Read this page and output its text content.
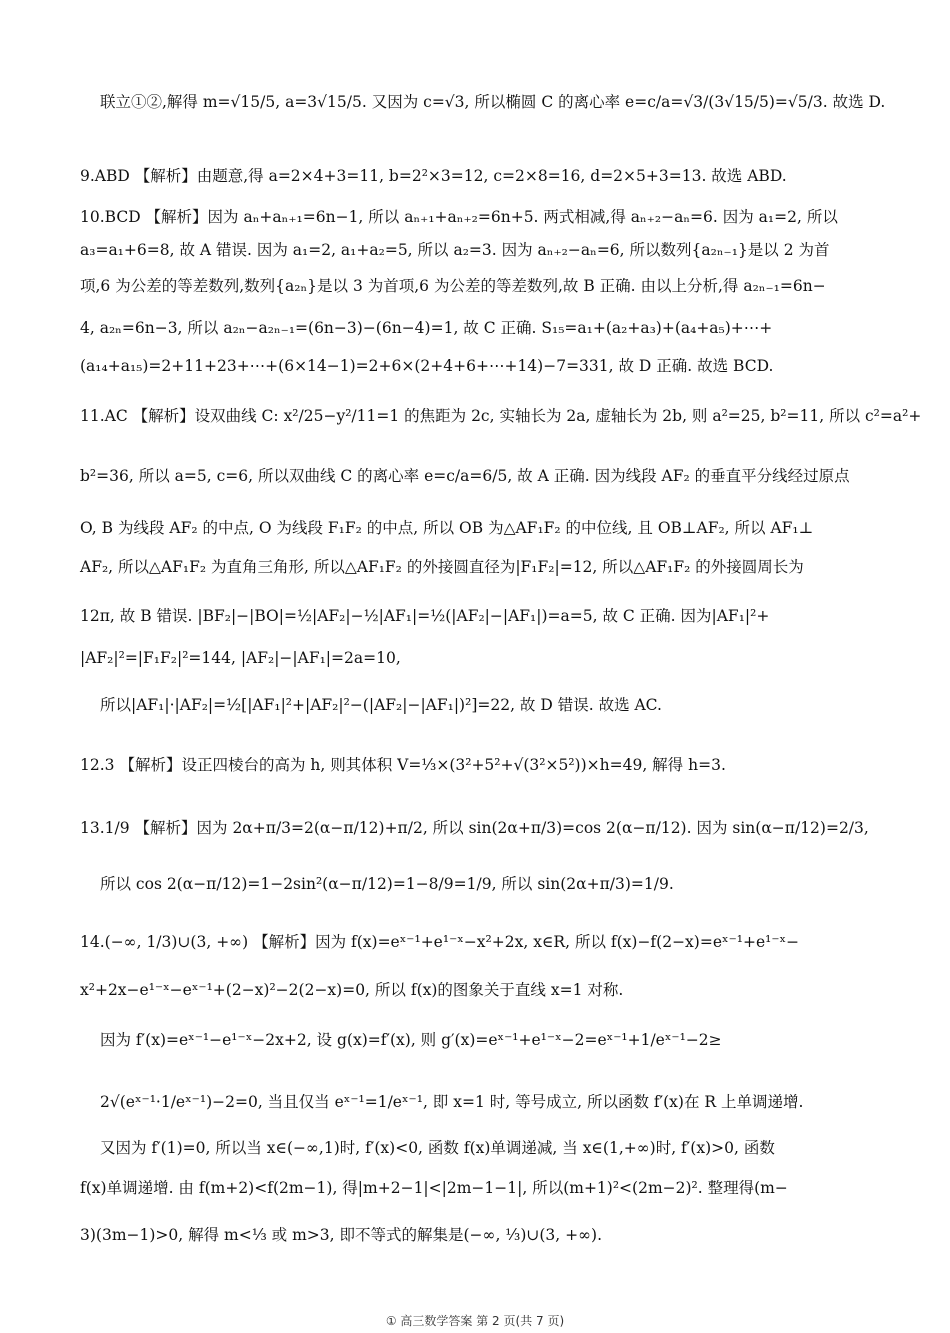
联立①②,解得 m=√15/5, a=3√15/5. 又因为 c=√3, 所以椭圆 C 的离心率 e=c/a=√3/(3√15/5)=√5/3. 故选 D.
9.ABD 【解析】由题意,得 a=2×4+3=11, b=2²×3=12, c=2×8=16, d=2×5+3=13. 故选 ABD.
10.BCD 【解析】因为 aₙ+aₙ₊₁=6n−1, 所以 aₙ₊₁+aₙ₊₂=6n+5. 两式相减,得 aₙ₊₂−aₙ=6. 因为 a₁=2, 所以
a₃=a₁+6=8, 故 A 错误. 因为 a₁=2, a₁+a₂=5, 所以 a₂=3. 因为 aₙ₊₂−aₙ=6, 所以数列{a₂ₙ₋₁}是以 2 为首
项,6 为公差的等差数列,数列{a₂ₙ}是以 3 为首项,6 为公差的等差数列,故 B 正确. 由以上分析,得 a₂ₙ₋₁=6n−
4, a₂ₙ=6n−3, 所以 a₂ₙ−a₂ₙ₋₁=(6n−3)−(6n−4)=1, 故 C 正确. S₁₅=a₁+(a₂+a₃)+(a₄+a₅)+⋯+
(a₁₄+a₁₅)=2+11+23+⋯+(6×14−1)=2+6×(2+4+6+⋯+14)−7=331, 故 D 正确. 故选 BCD.
11.AC 【解析】设双曲线 C: x²/25−y²/11=1 的焦距为 2c, 实轴长为 2a, 虚轴长为 2b, 则 a²=25, b²=11, 所以 c²=a²+
b²=36, 所以 a=5, c=6, 所以双曲线 C 的离心率 e=c/a=6/5, 故 A 正确. 因为线段 AF₂ 的垂直平分线经过原点
O, B 为线段 AF₂ 的中点, O 为线段 F₁F₂ 的中点, 所以 OB 为△AF₁F₂ 的中位线, 且 OB⊥AF₂, 所以 AF₁⊥
AF₂, 所以△AF₁F₂ 为直角三角形, 所以△AF₁F₂ 的外接圆直径为|F₁F₂|=12, 所以△AF₁F₂ 的外接圆周长为
12π, 故 B 错误. |BF₂|−|BO|=½|AF₂|−½|AF₁|=½(|AF₂|−|AF₁|)=a=5, 故 C 正确. 因为|AF₁|²+
|AF₂|²=|F₁F₂|²=144, |AF₂|−|AF₁|=2a=10,
所以|AF₁|·|AF₂|=½[|AF₁|²+|AF₂|²−(|AF₂|−|AF₁|)²]=22, 故 D 错误. 故选 AC.
12.3 【解析】设正四棱台的高为 h, 则其体积 V=⅓×(3²+5²+√(3²×5²))×h=49, 解得 h=3.
13.1/9 【解析】因为 2α+π/3=2(α−π/12)+π/2, 所以 sin(2α+π/3)=cos 2(α−π/12). 因为 sin(α−π/12)=2/3,
所以 cos 2(α−π/12)=1−2sin²(α−π/12)=1−8/9=1/9, 所以 sin(2α+π/3)=1/9.
14.(−∞, 1/3)∪(3, +∞) 【解析】因为 f(x)=eˣ⁻¹+e¹⁻ˣ−x²+2x, x∈R, 所以 f(x)−f(2−x)=eˣ⁻¹+e¹⁻ˣ−
x²+2x−e¹⁻ˣ−eˣ⁻¹+(2−x)²−2(2−x)=0, 所以 f(x)的图象关于直线 x=1 对称.
因为 f′(x)=eˣ⁻¹−e¹⁻ˣ−2x+2, 设 g(x)=f′(x), 则 g′(x)=eˣ⁻¹+e¹⁻ˣ−2=eˣ⁻¹+1/eˣ⁻¹−2≥
2√(eˣ⁻¹·1/eˣ⁻¹)−2=0, 当且仅当 eˣ⁻¹=1/eˣ⁻¹, 即 x=1 时, 等号成立, 所以函数 f′(x)在 R 上单调递增.
又因为 f′(1)=0, 所以当 x∈(−∞,1)时, f′(x)<0, 函数 f(x)单调递减, 当 x∈(1,+∞)时, f′(x)>0, 函数
f(x)单调递增. 由 f(m+2)<f(2m−1), 得|m+2−1|<|2m−1−1|, 所以(m+1)²<(2m−2)². 整理得(m−
3)(3m−1)>0, 解得 m<⅓ 或 m>3, 即不等式的解集是(−∞, ⅓)∪(3, +∞).
① 高三数学答案 第 2 页(共 7 页)
